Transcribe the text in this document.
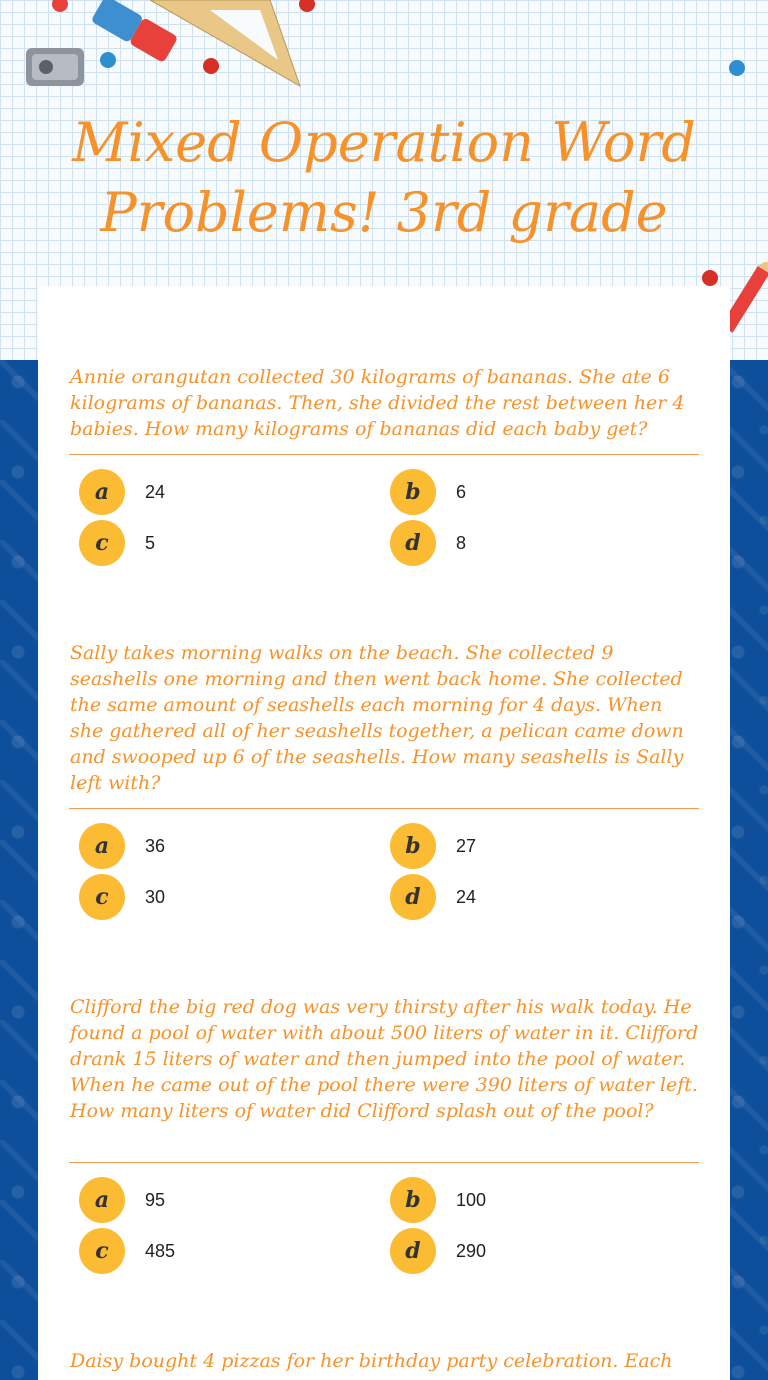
Mixed Operation Word Problems! 3rd grade

Annie orangutan collected 30 kilograms of bananas. She ate 6 kilograms of bananas. Then, she divided the rest between her 4 babies. How many kilograms of bananas did each baby get?

a	24	b	6
c	5	d	8

Sally takes morning walks on the beach. She collected 9 seashells one morning and then went back home. She collected the same amount of seashells each morning for 4 days. When she gathered all of her seashells together, a pelican came down and swooped up 6 of the seashells. How many seashells is Sally left with?

a	36	b	27
c	30	d	24

Clifford the big red dog was very thirsty after his walk today. He found a pool of water with about 500 liters of water in it. Clifford drank 15 liters of water and then jumped into the pool of water. When he came out of the pool there were 390 liters of water left. How many liters of water did Clifford splash out of the pool?

a	95	b	100
c	485	d	290

Daisy bought 4 pizzas for her birthday party celebration. Each
